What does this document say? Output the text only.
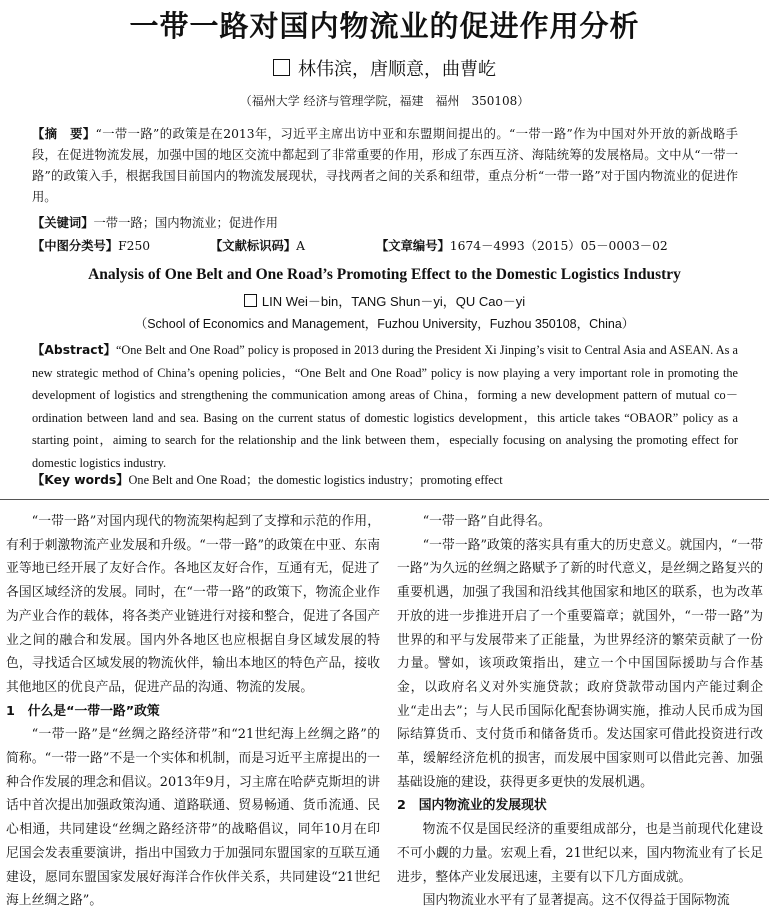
一带一路对国内物流业的促进作用分析
林伟滨，唐顺意，曲曹屹
（福州大学 经济与管理学院，福建　福州　350108）
【摘　要】“一带一路”的政策是在2013年，习近平主席出访中亚和东盟期间提出的。“一带一路”作为中国对外开放的新战略手段，在促进物流发展，加强中国的地区交流中都起到了非常重要的作用，形成了东西互济、海陆统筹的发展格局。文中从“一带一路”的政策入手，根据我国目前国内的物流发展现状，寻找两者之间的关系和纽带，重点分析“一带一路”对于国内物流业的促进作用。
【关键词】一带一路；国内物流业；促进作用
【中图分类号】F250	【文献标识码】A	【文章编号】1674－4993（2015）05－0003－02
Analysis of One Belt and One Road’s Promoting Effect to the Domestic Logistics Industry
LIN Wei－bin，TANG Shun－yi，QU Cao－yi
（School of Economics and Management，Fuzhou University，Fuzhou 350108，China）
【Abstract】“One Belt and One Road” policy is proposed in 2013 during the President Xi Jinping’s visit to Central Asia and ASEAN. As a new strategic method of China’s opening policies，“One Belt and One Road” policy is now playing a very important role in promoting the development of logistics and strengthening the communication among areas of China，forming a new development pattern of mutual co－ordination between land and sea. Basing on the current status of domestic logistics development，this article takes “OBAOR” policy as a starting point，aiming to search for the relationship and the link between them，especially focusing on analysing the promoting effect for domestic logistics industry.
【Key words】One Belt and One Road；the domestic logistics industry；promoting effect

“一带一路”对国内现代的物流架构起到了支撑和示范的作用，有利于刺激物流产业发展和升级。“一带一路”的政策在中亚、东南亚等地已经开展了友好合作。各地区友好合作，互通有无，促进了各国区域经济的发展。同时，在“一带一路”的政策下，物流企业作为产业合作的载体，将各类产业链进行对接和整合，促进了各国产业之间的融合和发展。国内外各地区也应根据自身区域发展的特色，寻找适合区域发展的物流伙伴，输出本地区的特色产品，接收其他地区的优良产品，促进产品的沟通、物流的发展。

1　什么是“一带一路”政策

“一带一路”是“丝绸之路经济带”和“21世纪海上丝绸之路”的简称。“一带一路”不是一个实体和机制，而是习近平主席提出的一种合作发展的理念和倡议。2013年9月，习主席在哈萨克斯坦的讲话中首次提出加强政策沟通、道路联通、贸易畅通、货币流通、民心相通，共同建设“丝绸之路经济带”的战略倡议，同年10月在印尼国会发表重要演讲，指出中国致力于加强同东盟国家的互联互通建设，愿同东盟国家发展好海洋合作伙伴关系，共同建设“21世纪海上丝绸之路”。

“一带一路”自此得名。

“一带一路”政策的落实具有重大的历史意义。就国内，“一带一路”为久远的丝绸之路赋予了新的时代意义，是丝绸之路复兴的重要机遇，加强了我国和沿线其他国家和地区的联系，也为改革开放的进一步推进开启了一个重要篇章；就国外，“一带一路”为世界的和平与发展带来了正能量，为世界经济的繁荣贡献了一份力量。譬如，该项政策指出，建立一个中国国际援助与合作基金，以政府名义对外实施贷款；政府贷款带动国内产能过剩企业“走出去”；与人民币国际化配套协调实施，推动人民币成为国际结算货币、支付货币和储备货币。发达国家可借此投资进行改革，缓解经济危机的损害，而发展中国家则可以借此完善、加强基础设施的建设，获得更多更快的发展机遇。

2　国内物流业的发展现状

物流不仅是国民经济的重要组成部分，也是当前现代化建设不可小觑的力量。宏观上看，21世纪以来，国内物流业有了长足进步，整体产业发展迅速，主要有以下几方面成就。

国内物流业水平有了显著提高。这不仅得益于国际物流
